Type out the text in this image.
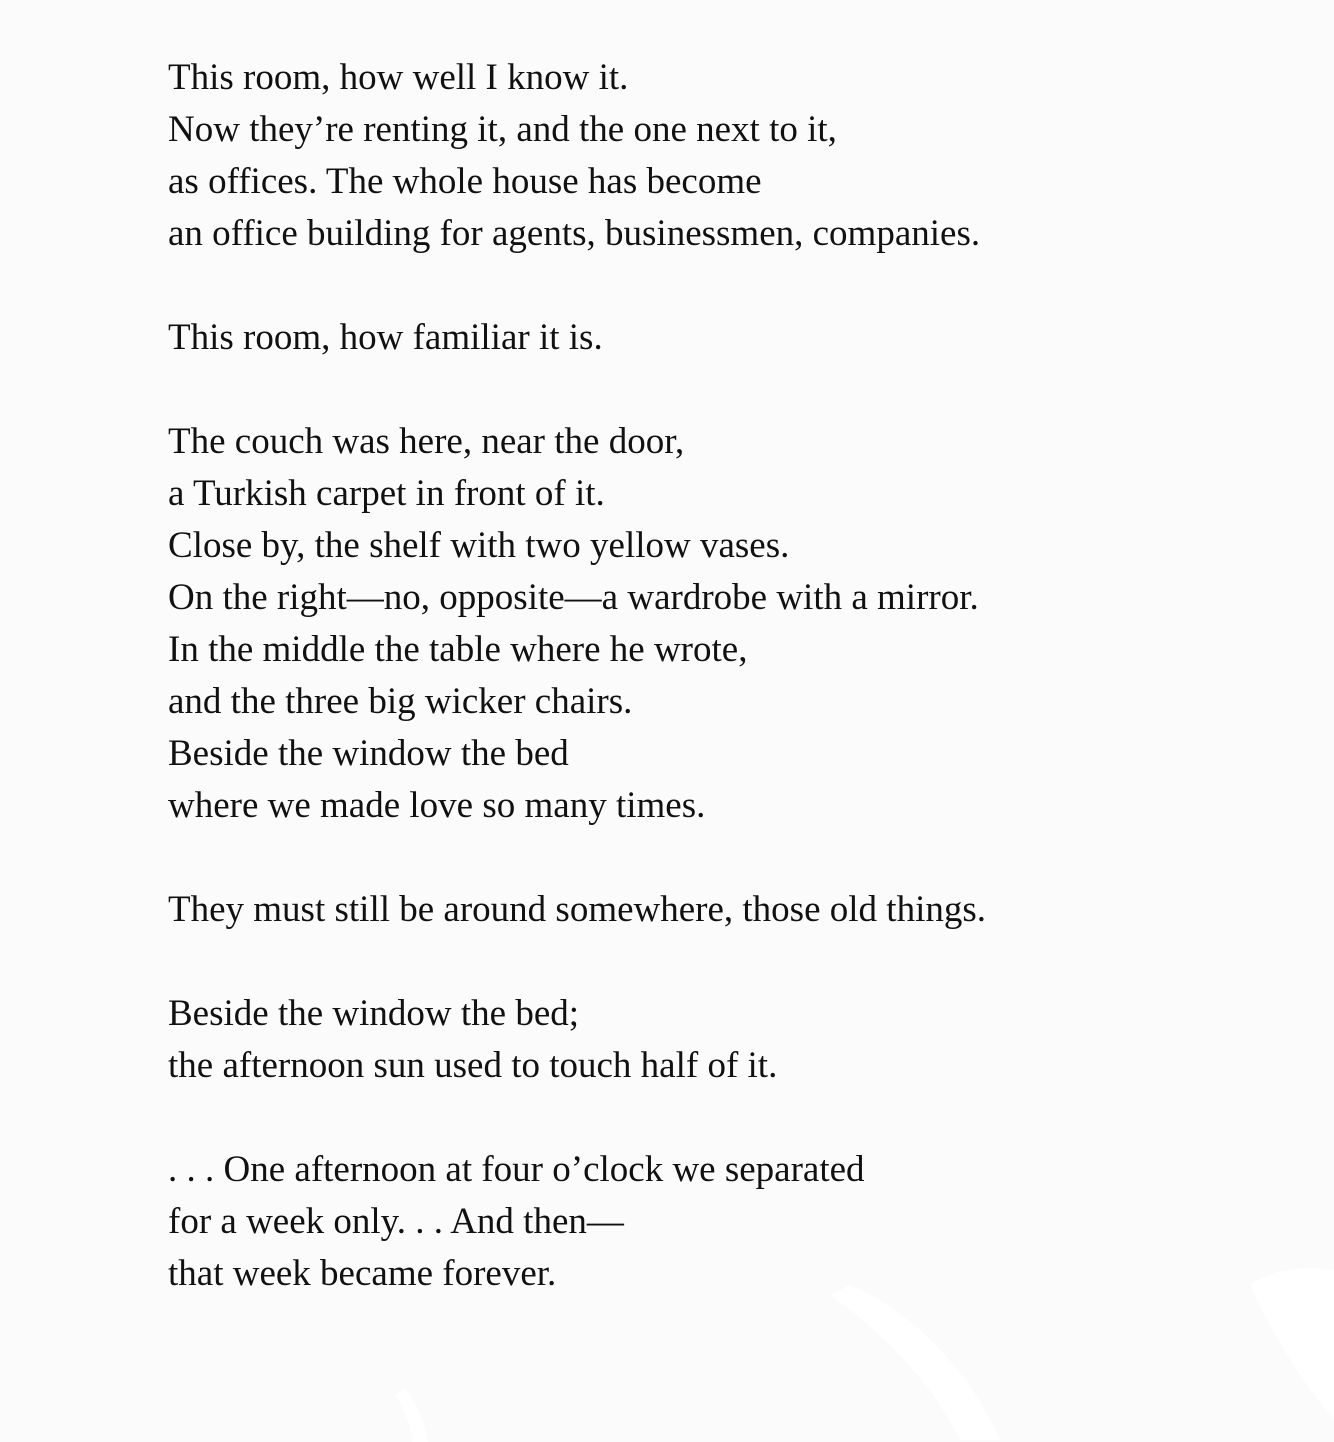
This room, how well I know it.
Now they’re renting it, and the one next to it,
as offices. The whole house has become
an office building for agents, businessmen, companies.
This room, how familiar it is.
The couch was here, near the door,
a Turkish carpet in front of it.
Close by, the shelf with two yellow vases.
On the right—no, opposite—a wardrobe with a mirror.
In the middle the table where he wrote,
and the three big wicker chairs.
Beside the window the bed
where we made love so many times.
They must still be around somewhere, those old things.
Beside the window the bed;
the afternoon sun used to touch half of it.
. . . One afternoon at four o’clock we separated
for a week only. . . And then—
that week became forever.
